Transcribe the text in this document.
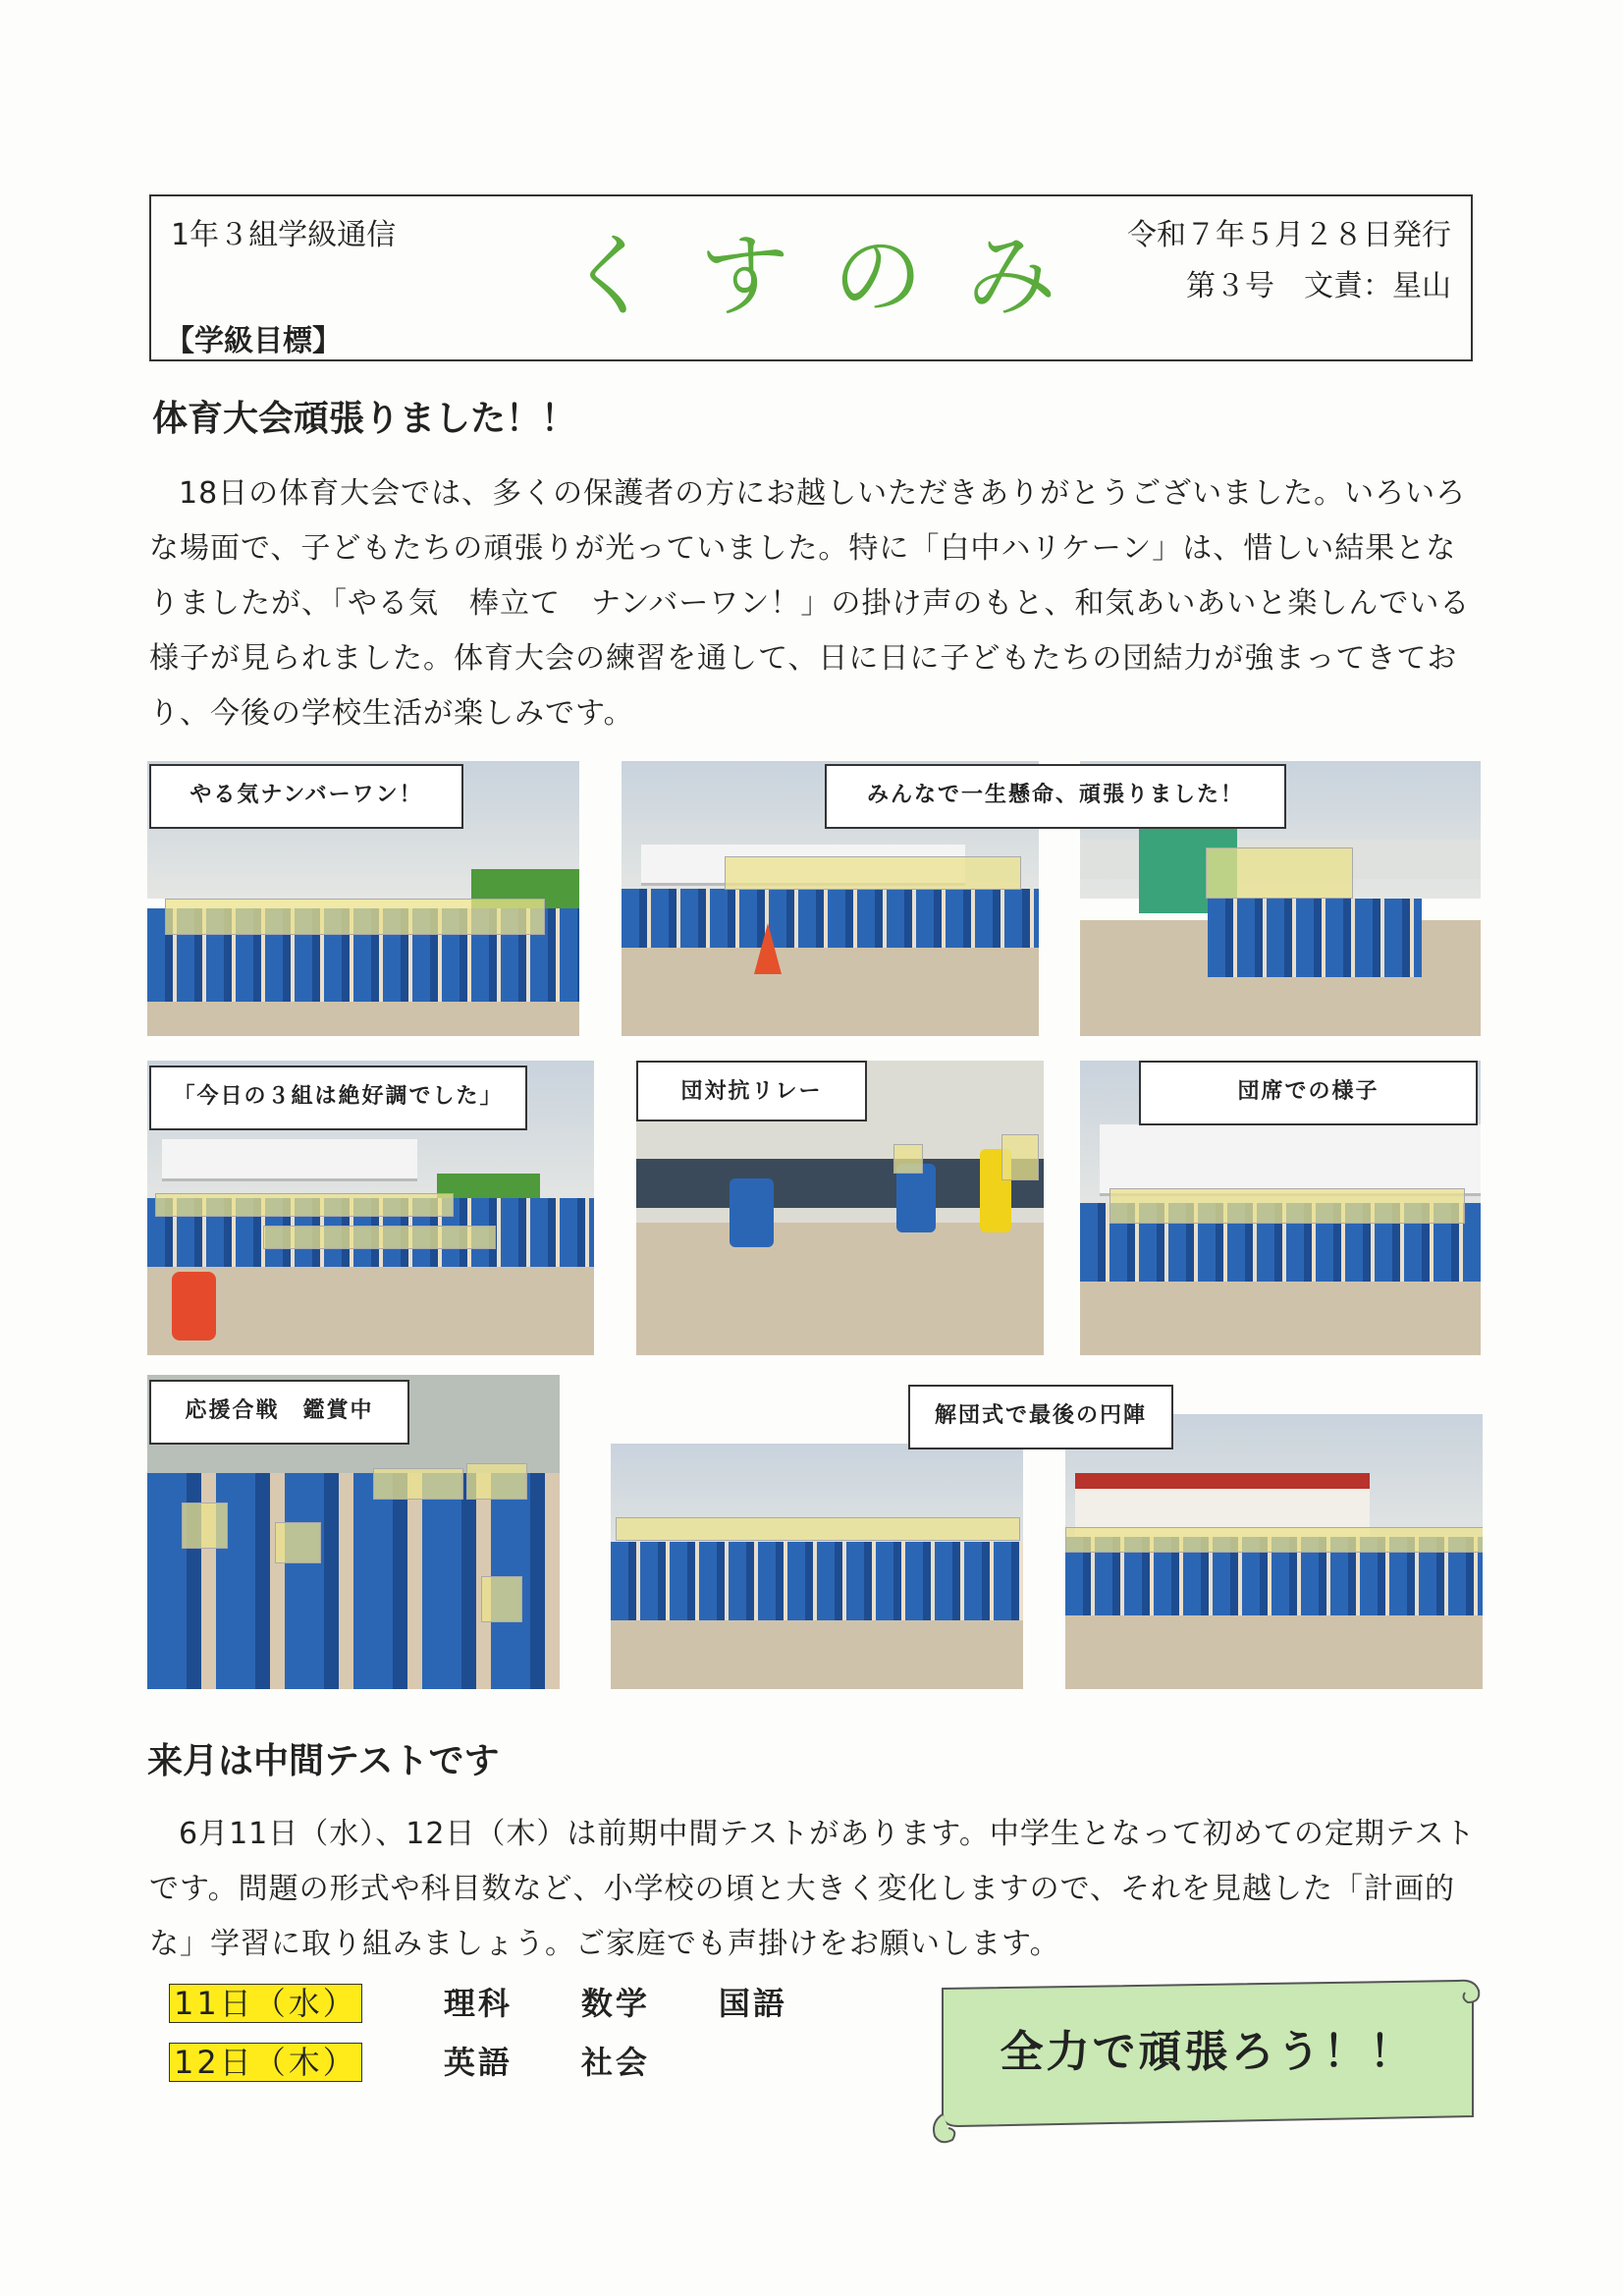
1年３組学級通信	くすのみ 令和７年５月２８日発行
第３号　文責：星山
【学級目標】
体育大会頑張りました！！
18日の体育大会では、多くの保護者の方にお越しいただきありがとうございました。いろいろな場面で、子どもたちの頑張りが光っていました。特に「白中ハリケーン」は、惜しい結果となりましたが、「やる気　棒立て　ナンバーワン！」の掛け声のもと、和気あいあいと楽しんでいる様子が見られました。体育大会の練習を通して、日に日に子どもたちの団結力が強まってきており、今後の学校生活が楽しみです。
やる気ナンバーワン！	みんなで一生懸命、頑張りました！
「今日の３組は絶好調でした」	団対抗リレー	団席での様子
応援合戦　鑑賞中	解団式で最後の円陣
来月は中間テストです
6月11日（水）、12日（木）は前期中間テストがあります。中学生となって初めての定期テストです。問題の形式や科目数など、小学校の頃と大きく変化しますので、それを見越した「計画的な」学習に取り組みましょう。ご家庭でも声掛けをお願いします。
11日（水）	理科　　数学　　国語
12日（木）	英語　　社会	全力で頑張ろう！！
